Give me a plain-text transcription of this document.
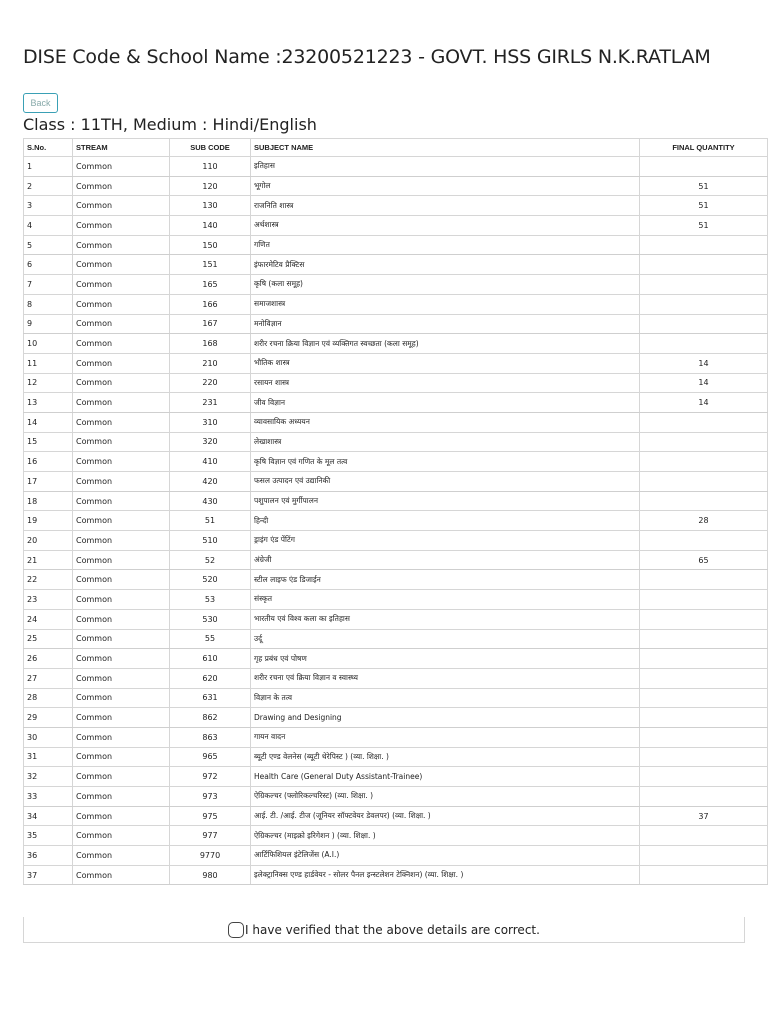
DISE Code & School Name :23200521223 - GOVT. HSS GIRLS N.K.RATLAM
Back
Class : 11TH, Medium : Hindi/English
S.No.	STREAM	SUB CODE	SUBJECT NAME	FINAL QUANTITY
1	Common	110	इतिहास	
2	Common	120	भूगोल	51
3	Common	130	राजनिति शास्त्र	51
4	Common	140	अर्थशास्त्र	51
5	Common	150	गणित	
6	Common	151	इंफारमेटिव प्रैक्टिस	
7	Common	165	कृषि (कला समूह)	
8	Common	166	समाजशास्त्र	
9	Common	167	मनोविज्ञान	
10	Common	168	शरीर रचना क्रिया विज्ञान एवं व्यक्तिगत स्वच्छता (कला समूह)	
11	Common	210	भौतिक शास्त्र	14
12	Common	220	रसायन शास्त्र	14
13	Common	231	जीव विज्ञान	14
14	Common	310	व्यावसायिक अध्ययन	
15	Common	320	लेखाशास्त्र	
16	Common	410	कृषि विज्ञान एवं गणित के मूल तत्व	
17	Common	420	फसल उत्पादन एवं उद्यानिकी	
18	Common	430	पशुपालन एवं मुर्गीपालन	
19	Common	51	हिन्दी	28
20	Common	510	ड्राइंग एंड पेंटिंग	
21	Common	52	अंग्रेजी	65
22	Common	520	स्टील लाइफ एंड डिजाईन	
23	Common	53	संस्कृत	
24	Common	530	भारतीय एवं विश्व कला का इतिहास	
25	Common	55	उर्दू	
26	Common	610	गृह प्रबंध एवं पोषण	
27	Common	620	शरीर रचना एवं क्रिया विज्ञान व स्वास्थ्य	
28	Common	631	विज्ञान के तत्व	
29	Common	862	Drawing and Designing	
30	Common	863	गायन वादन	
31	Common	965	ब्यूटी एण्ड वेलनेस (ब्यूटी थेरेपिस्ट ) (व्या. शिक्षा. )	
32	Common	972	Health Care (General Duty Assistant-Trainee)	
33	Common	973	ऐग्रिकल्चर (फ्लोरिकल्चरिस्ट) (व्या. शिक्षा. )	
34	Common	975	आई. टी. /आई. टीज (जूनियर सॉफ्टवेयर डेवलपर) (व्या. शिक्षा. )	37
35	Common	977	ऐग्रिकल्चर (माइक्रो इरिगेशन ) (व्या. शिक्षा. )	
36	Common	9770	आर्टिफिशियल इंटेलिजेंस (A.I.)	
37	Common	980	इलेक्ट्रानिक्स एण्ड हार्डवेयर - सोलर पैनल इन्स्टलेशन टेक्निशन) (व्या. शिक्षा. )	
I have verified that the above details are correct.
